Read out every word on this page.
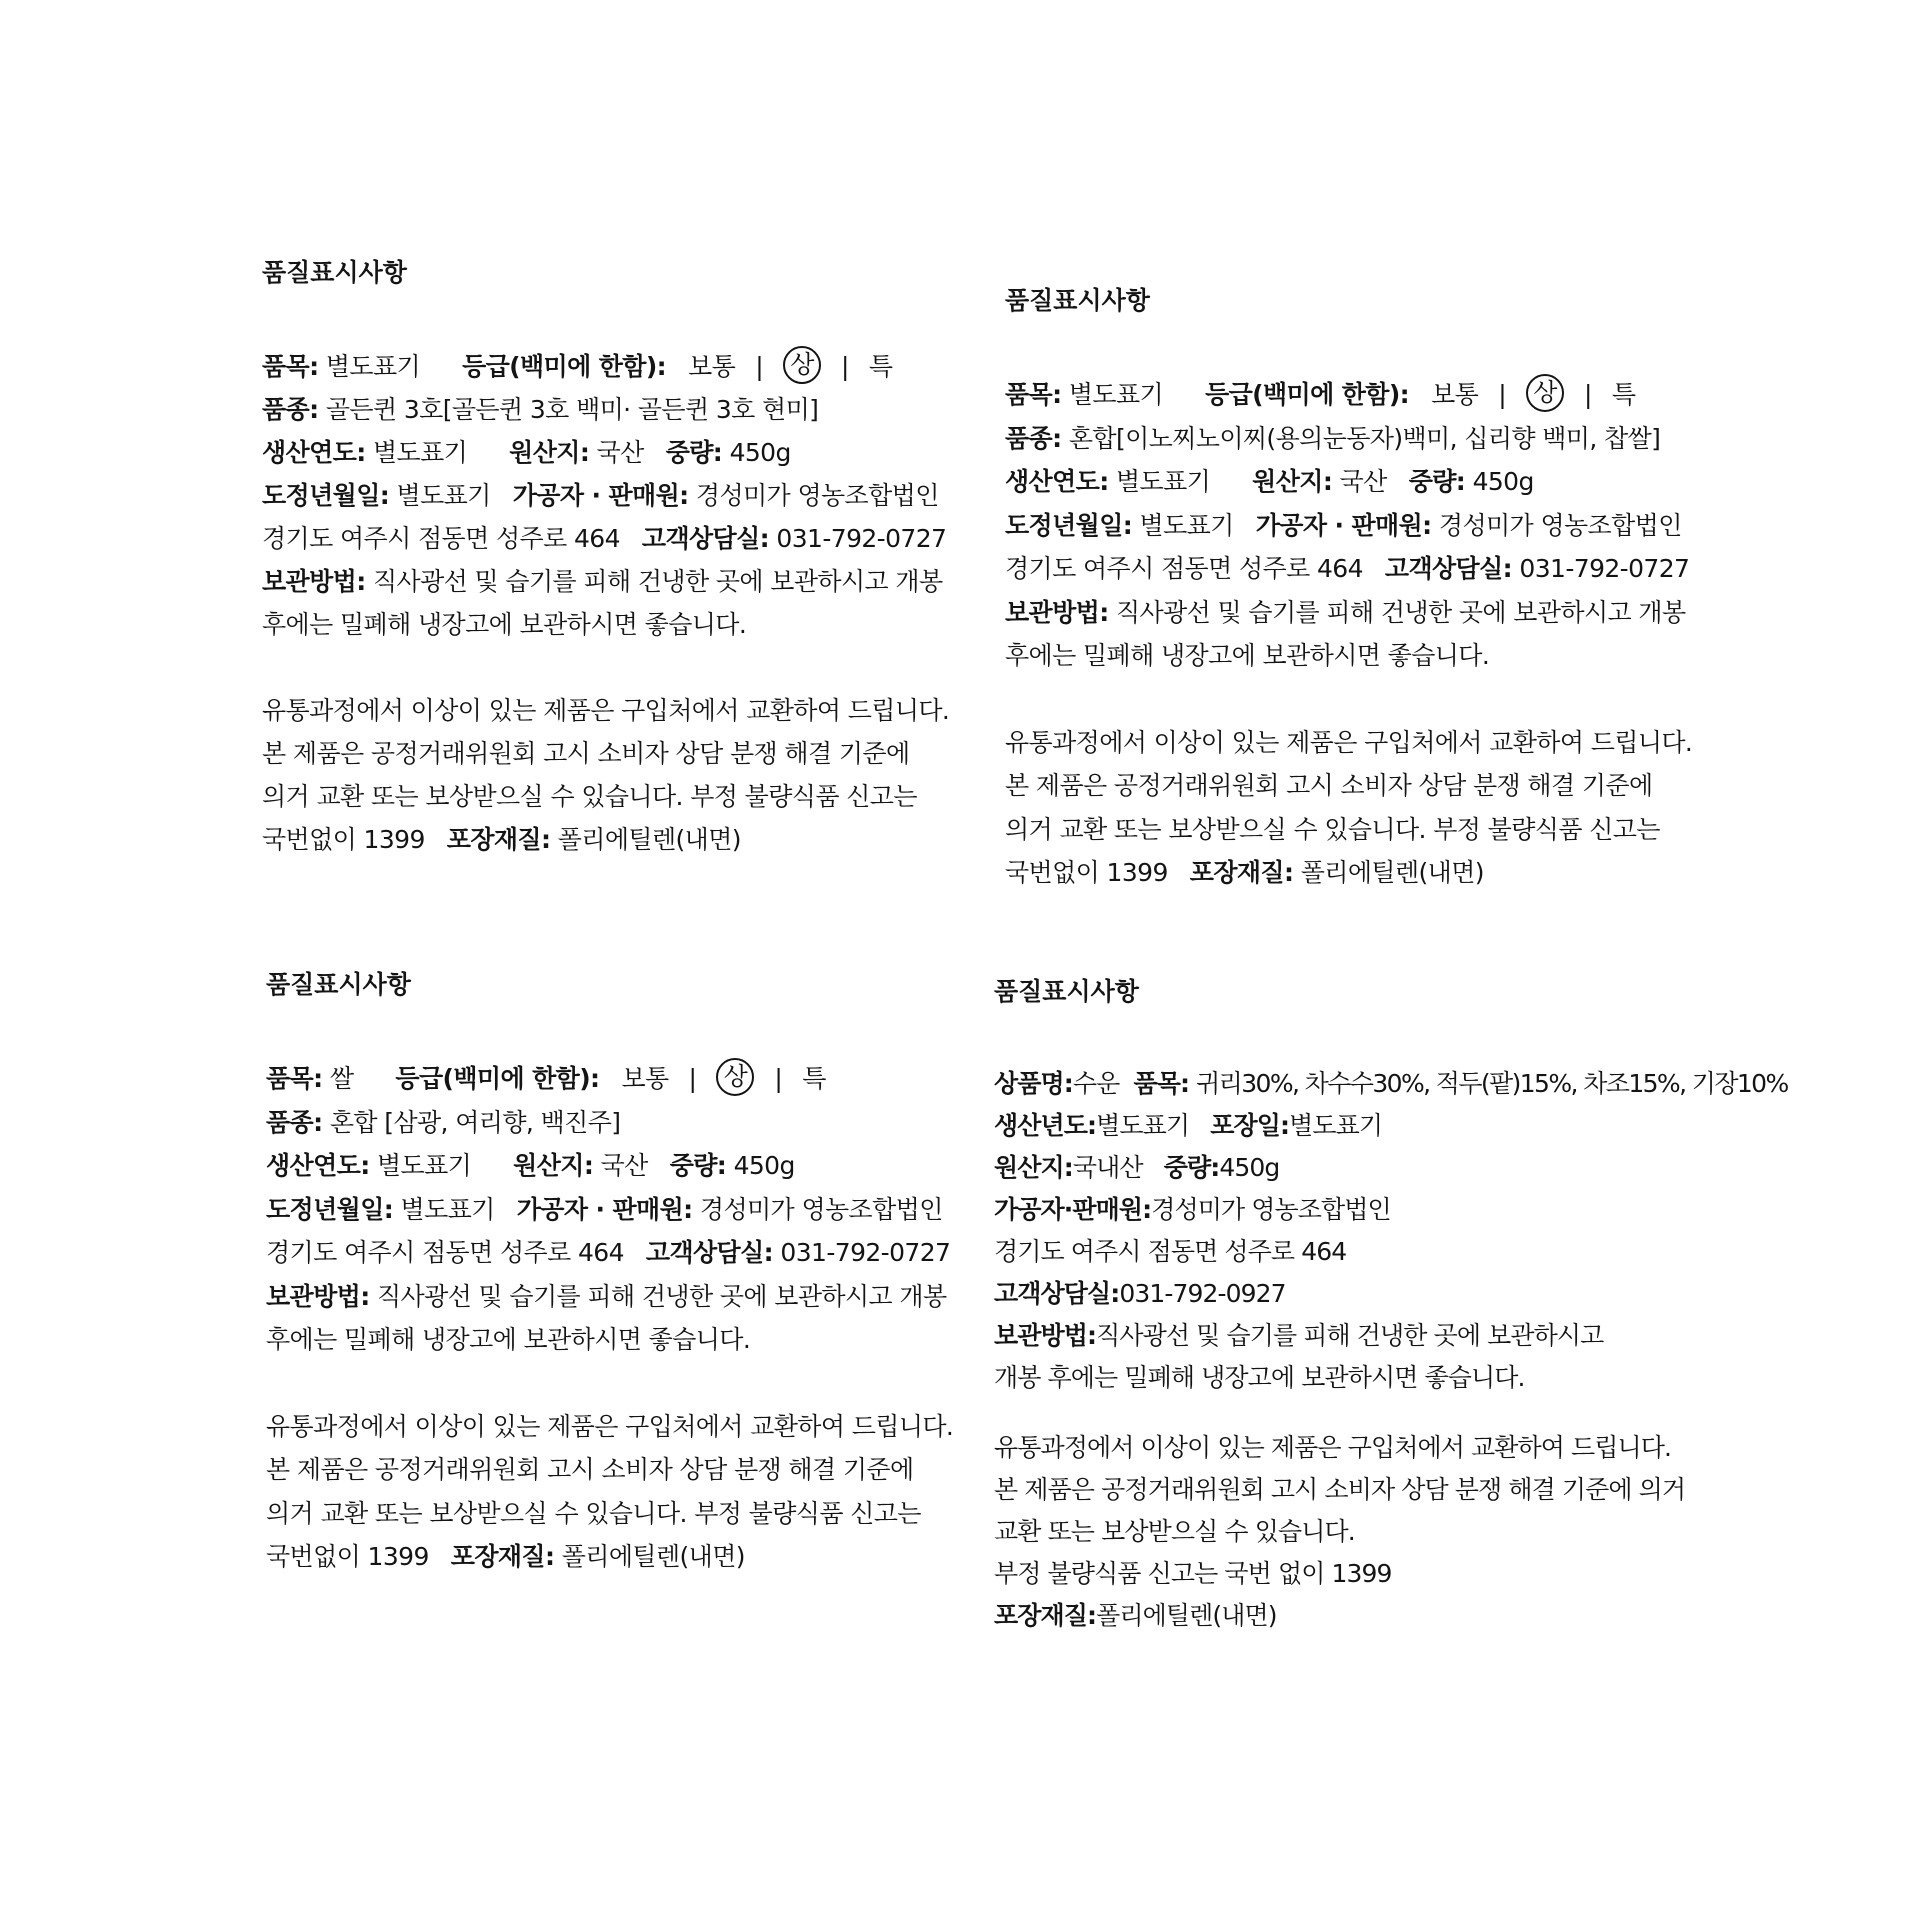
품질표시사항
품목: 별도표기 등급(백미에 한함): 보통 | 상 | 특
품종: 골든퀸 3호[골든퀸 3호 백미· 골든퀸 3호 현미]
생산연도: 별도표기 원산지: 국산 중량: 450g
도정년월일: 별도표기 가공자 · 판매원: 경성미가 영농조합법인
경기도 여주시 점동면 성주로 464 고객상담실: 031-792-0727
보관방법: 직사광선 및 습기를 피해 건냉한 곳에 보관하시고 개봉
후에는 밀폐해 냉장고에 보관하시면 좋습니다.
유통과정에서 이상이 있는 제품은 구입처에서 교환하여 드립니다.
본 제품은 공정거래위원회 고시 소비자 상담 분쟁 해결 기준에
의거 교환 또는 보상받으실 수 있습니다. 부정 불량식품 신고는
국번없이 1399 포장재질: 폴리에틸렌(내면)
품질표시사항
품목: 별도표기 등급(백미에 한함): 보통 | 상 | 특
품종: 혼합[이노찌노이찌(용의눈동자)백미, 십리향 백미, 찹쌀]
생산연도: 별도표기 원산지: 국산 중량: 450g
도정년월일: 별도표기 가공자 · 판매원: 경성미가 영농조합법인
경기도 여주시 점동면 성주로 464 고객상담실: 031-792-0727
보관방법: 직사광선 및 습기를 피해 건냉한 곳에 보관하시고 개봉
후에는 밀폐해 냉장고에 보관하시면 좋습니다.
유통과정에서 이상이 있는 제품은 구입처에서 교환하여 드립니다.
본 제품은 공정거래위원회 고시 소비자 상담 분쟁 해결 기준에
의거 교환 또는 보상받으실 수 있습니다. 부정 불량식품 신고는
국번없이 1399 포장재질: 폴리에틸렌(내면)
품질표시사항
품목: 쌀 등급(백미에 한함): 보통 | 상 | 특
품종: 혼합 [삼광, 여리향, 백진주]
생산연도: 별도표기 원산지: 국산 중량: 450g
도정년월일: 별도표기 가공자 · 판매원: 경성미가 영농조합법인
경기도 여주시 점동면 성주로 464 고객상담실: 031-792-0727
보관방법: 직사광선 및 습기를 피해 건냉한 곳에 보관하시고 개봉
후에는 밀폐해 냉장고에 보관하시면 좋습니다.
유통과정에서 이상이 있는 제품은 구입처에서 교환하여 드립니다.
본 제품은 공정거래위원회 고시 소비자 상담 분쟁 해결 기준에
의거 교환 또는 보상받으실 수 있습니다. 부정 불량식품 신고는
국번없이 1399 포장재질: 폴리에틸렌(내면)
품질표시사항
상품명:수운 품목: 귀리30%, 차수수30%, 적두(팥)15%, 차조15%, 기장10%
생산년도:별도표기 포장일:별도표기
원산지:국내산 중량:450g
가공자·판매원:경성미가 영농조합법인
경기도 여주시 점동면 성주로 464
고객상담실:031-792-0927
보관방법:직사광선 및 습기를 피해 건냉한 곳에 보관하시고
개봉 후에는 밀폐해 냉장고에 보관하시면 좋습니다.
유통과정에서 이상이 있는 제품은 구입처에서 교환하여 드립니다.
본 제품은 공정거래위원회 고시 소비자 상담 분쟁 해결 기준에 의거
교환 또는 보상받으실 수 있습니다.
부정 불량식품 신고는 국번 없이 1399
포장재질:폴리에틸렌(내면)
